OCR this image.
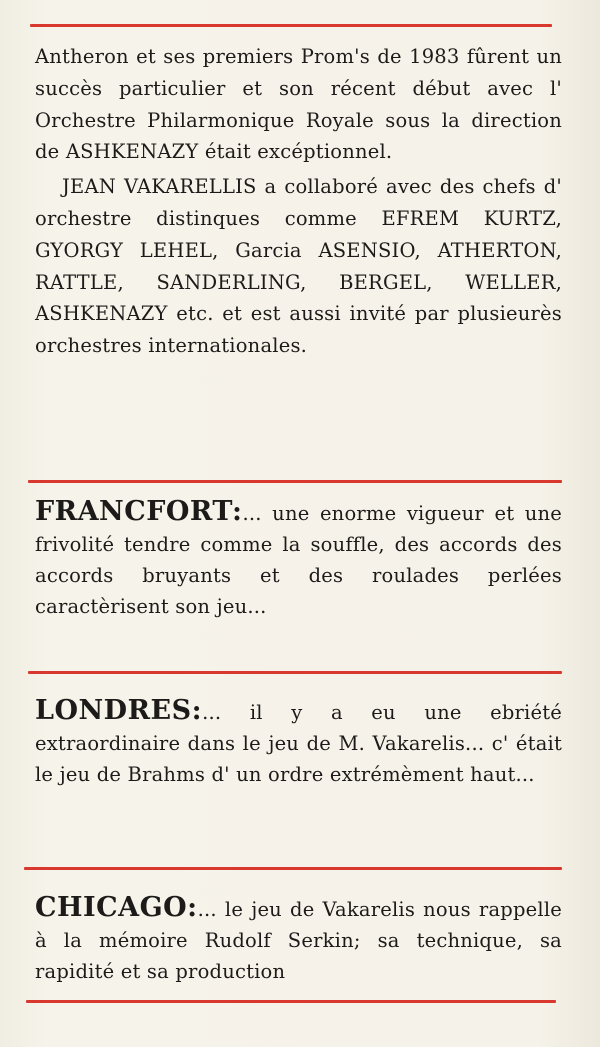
Antheron et ses premiers Prom's de 1983 fûrent un succès particulier et son récent début avec l' Orchestre Philarmonique Royale sous la direction de ASHKENAZY était excéptionnel.

JEAN VAKARELLIS a collaboré avec des chefs d' orchestre distinques comme EFREM KURTZ, GYORGY LEHEL, Garcia ASENSIO, ATHERTON, RATTLE, SANDERLING, BERGEL, WELLER, ASHKENAZY etc. et est aussi invité par plusieurès orchestres internationales.

FRANCFORT:... une enorme vigueur et une frivolité tendre comme la souffle, des accords des accords bruyants et des roulades perlées caractèrisent son jeu...

LONDRES:... il y a eu une ebriété extraordinaire dans le jeu de M. Vakarelis... c' était le jeu de Brahms d' un ordre extrémèment haut...

CHICAGO:... le jeu de Vakarelis nous rappelle à la mémoire Rudolf Serkin; sa technique, sa rapidité et sa production
